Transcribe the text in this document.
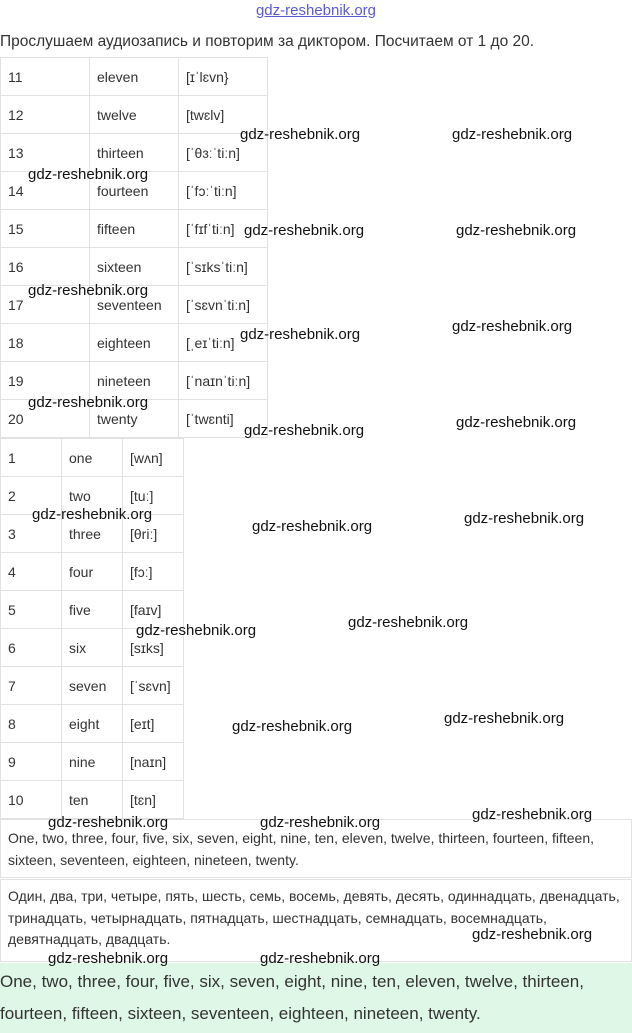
gdz-reshebnik.org
Прослушаем аудиозапись и повторим за диктором. Посчитаем от 1 до 20.
11	eleven	[ɪˈlɛvn}
12	twelve	[twɛlv]
13	thirteen	[ˈθɜːˈtiːn]
14	fourteen	[ˈfɔːˈtiːn]
15	fifteen	[ˈfɪfˈtiːn]
16	sixteen	[ˈsɪksˈtiːn]
17	seventeen	[ˈsɛvnˈtiːn]
18	eighteen	[ˌeɪˈtiːn]
19	nineteen	[ˈnaɪnˈtiːn]
20	twenty	[ˈtwɛnti]
1	one	[wʌn]
2	two	[tuː]
3	three	[θriː]
4	four	[fɔː]
5	five	[faɪv]
6	six	[sɪks]
7	seven	[ˈsɛvn]
8	eight	[eɪt]
9	nine	[naɪn]
10	ten	[tɛn]
One, two, three, four, five, six, seven, eight, nine, ten, eleven, twelve, thirteen, fourteen, fifteen, sixteen, seventeen, eighteen, nineteen, twenty.
Один, два, три, четыре, пять, шесть, семь, восемь, девять, десять, одиннадцать, двенадцать, тринадцать, четырнадцать, пятнадцать, шестнадцать, семнадцать, восемнадцать, девятнадцать, двадцать.
One, two, three, four, five, six, seven, eight, nine, ten, eleven, twelve, thirteen, fourteen, fifteen, sixteen, seventeen, eighteen, nineteen, twenty.
gdz-reshebnik.org	gdz-reshebnik.org
gdz-reshebnik.org
gdz-reshebnik.org	gdz-reshebnik.org
gdz-reshebnik.org
gdz-reshebnik.org	gdz-reshebnik.org
gdz-reshebnik.org
gdz-reshebnik.org	gdz-reshebnik.org
gdz-reshebnik.org
gdz-reshebnik.org	gdz-reshebnik.org
gdz-reshebnik.org	gdz-reshebnik.org
gdz-reshebnik.org	gdz-reshebnik.org
gdz-reshebnik.org	gdz-reshebnik.org	gdz-reshebnik.org
gdz-reshebnik.org
gdz-reshebnik.org	gdz-reshebnik.org
